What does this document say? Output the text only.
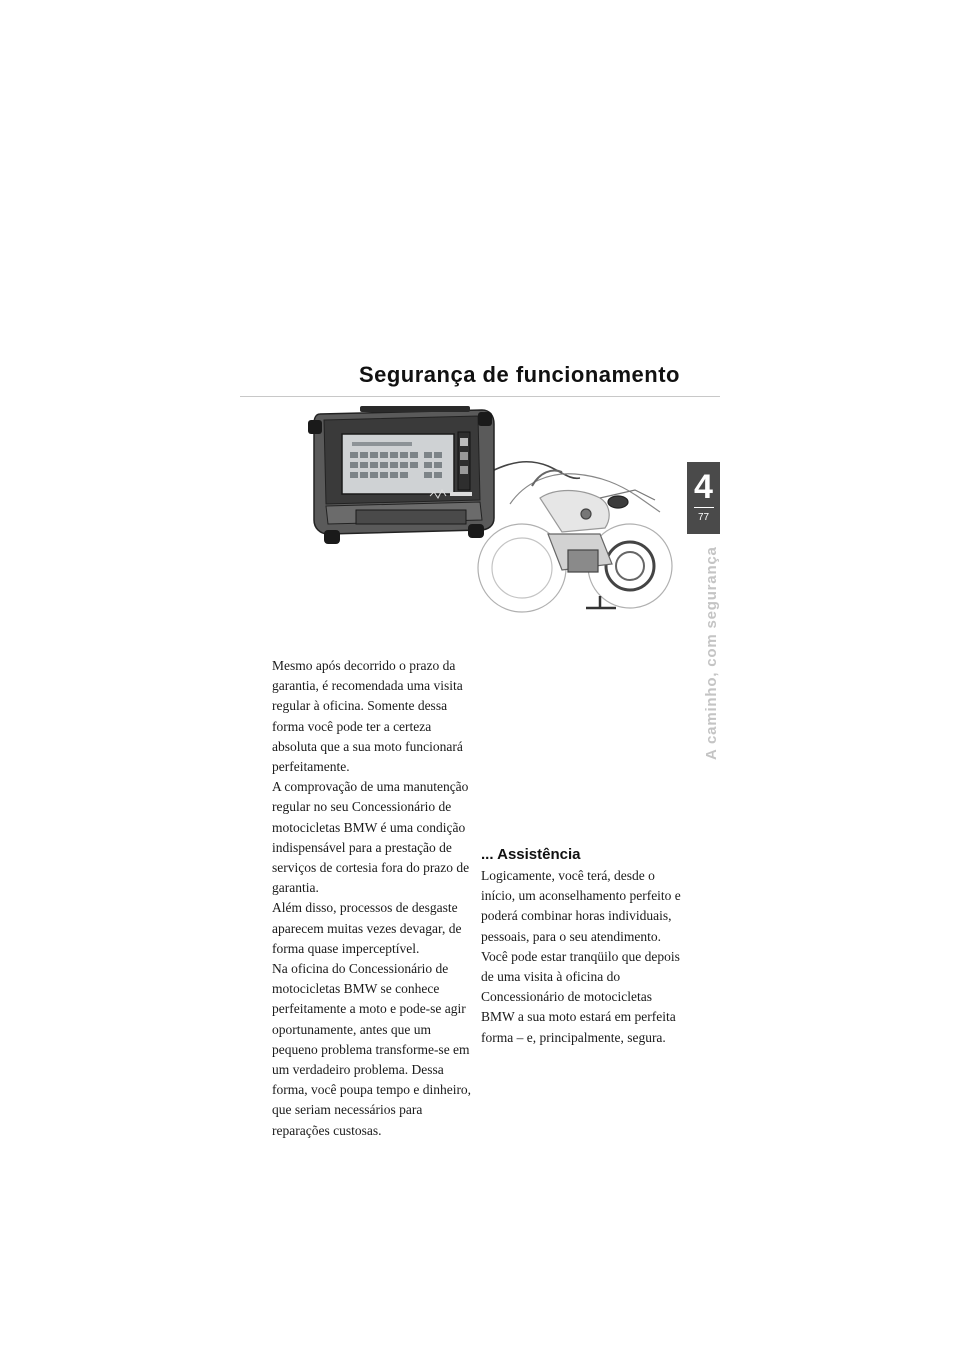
Segurança de funcionamento
4
77
A caminho, com segurança

Mesmo após decorrido o prazo da garantia, é recomendada uma visita regular à oficina. Somente dessa forma você pode ter a certeza absoluta que a sua moto funcionará perfeitamente.

A comprovação de uma manutenção regular no seu Concessionário de motocicletas BMW é uma condição indispensável para a prestação de serviços de cortesia fora do prazo de garantia.

Além disso, processos de desgaste aparecem muitas vezes devagar, de forma quase imperceptível.

Na oficina do Concessionário de motocicletas BMW se conhece perfeitamente a moto e pode-se agir oportunamente, antes que um pequeno problema transforme-se em um verdadeiro problema. Dessa forma, você poupa tempo e dinheiro, que seriam necessários para reparações custosas.

... Assistência

Logicamente, você terá, desde o início, um aconselhamento perfeito e poderá combinar horas individuais, pessoais, para o seu atendimento. Você pode estar tranqüilo que depois de uma visita à oficina do Concessionário de motocicletas BMW a sua moto estará em perfeita forma – e, principalmente, segura.
